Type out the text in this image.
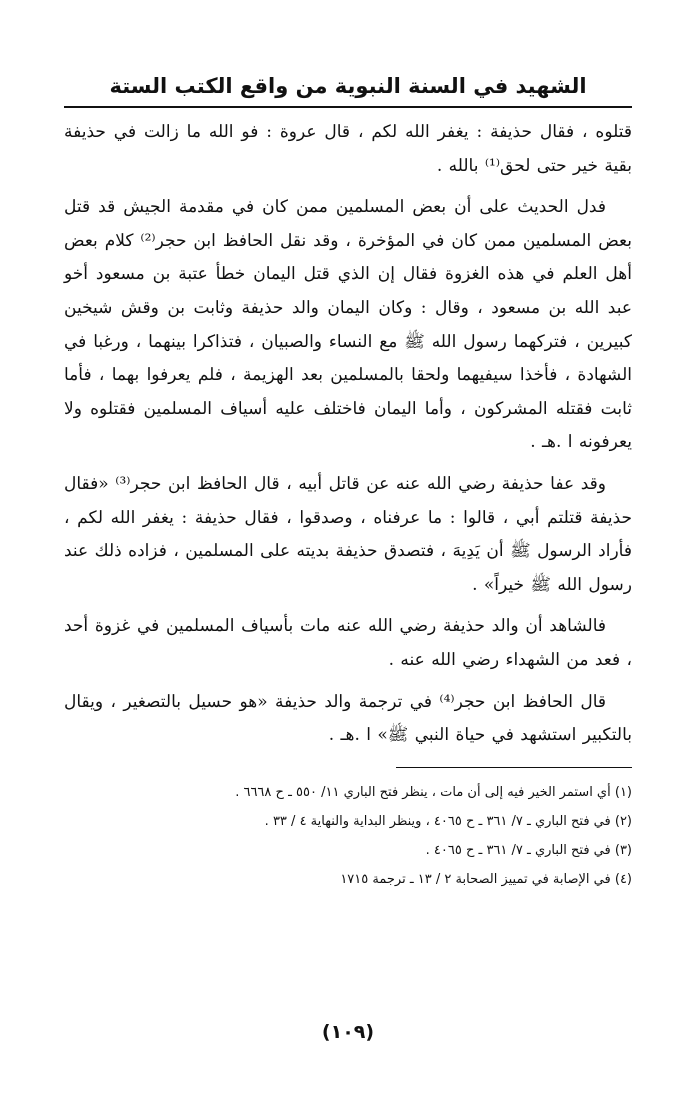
الشهيد في السنة النبوية من واقع الكتب الستة

قتلوه ، فقال حذيفة : يغفر الله لكم ، قال عروة : فو الله ما زالت في حذيفة بقية خير حتى لحق⁽¹⁾ بالله .

فدل الحديث على أن بعض المسلمين ممن كان في مقدمة الجيش قد قتل بعض المسلمين ممن كان في المؤخرة ، وقد نقل الحافظ ابن حجر⁽²⁾ كلام بعض أهل العلم في هذه الغزوة فقال إن الذي قتل اليمان خطأ عتبة بن مسعود أخو عبد الله بن مسعود ، وقال : وكان اليمان والد حذيفة وثابت بن وقش شيخين كبيرين ، فتركهما رسول الله ﷺ مع النساء والصبيان ، فتذاكرا بينهما ، ورغبا في الشهادة ، فأخذا سيفيهما ولحقا بالمسلمين بعد الهزيمة ، فلم يعرفوا بهما ، فأما ثابت فقتله المشركون ، وأما اليمان فاختلف عليه أسياف المسلمين فقتلوه ولا يعرفونه ا .هـ .

وقد عفا حذيفة رضي الله عنه عن قاتل أبيه ، قال الحافظ ابن حجر⁽³⁾ «فقال حذيفة قتلتم أبي ، قالوا : ما عرفناه ، وصدقوا ، فقال حذيفة : يغفر الله لكم ، فأراد الرسول ﷺ أن يَدِيهَ ، فتصدق حذيفة بديته على المسلمين ، فزاده ذلك عند رسول الله ﷺ خيراً» .

فالشاهد أن والد حذيفة رضي الله عنه مات بأسياف المسلمين في غزوة أحد ، فعد من الشهداء رضي الله عنه .

قال الحافظ ابن حجر⁽⁴⁾ في ترجمة والد حذيفة «هو حسيل بالتصغير ، ويقال بالتكبير استشهد في حياة النبي ﷺ» ا .هـ .

(١) أي استمر الخير فيه إلى أن مات ، ينظر فتح الباري ١١/ ٥٥٠ ـ ح ٦٦٦٨ .

(٢) في فتح الباري ـ ٧/ ٣٦١ ـ ح ٤٠٦٥ ، وينظر البداية والنهاية ٤ / ٣٣ .

(٣) في فتح الباري ـ ٧/ ٣٦١ ـ ح ٤٠٦٥ .

(٤) في الإصابة في تمييز الصحابة ٢ / ١٣ ـ ترجمة ١٧١٥

(١٠٩)
